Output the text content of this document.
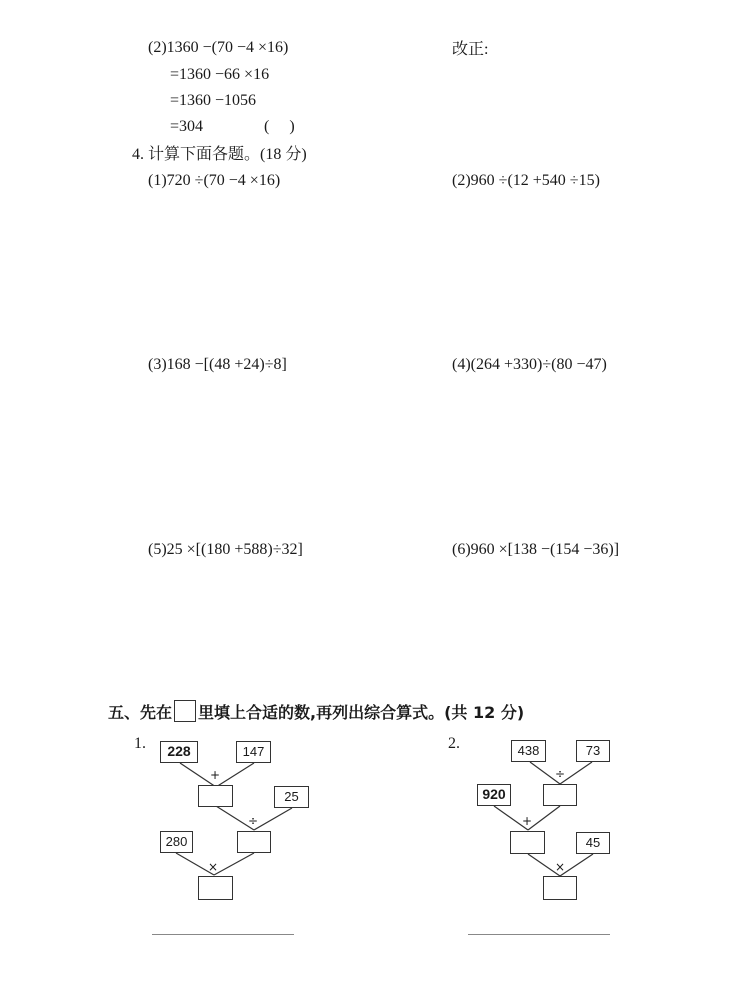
(2)1360 −(70 −4 ×16)	改正:
=1360 −66 ×16
=1360 −1056
=304	(     )
4. 计算下面各题。(18 分)
(1)720 ÷(70 −4 ×16)	(2)960 ÷(12 +540 ÷15)
(3)168 −[(48 +24)÷8]	(4)(264 +330)÷(80 −47)
(5)25 ×[(180 +588)÷32]	(6)960 ×[138 −(154 −36)]
五、先在 里填上合适的数,再列出综合算式。(共 12 分)
1.	228	147
+
25
÷
280
×
2.	438	73
÷
920
+
45
×
